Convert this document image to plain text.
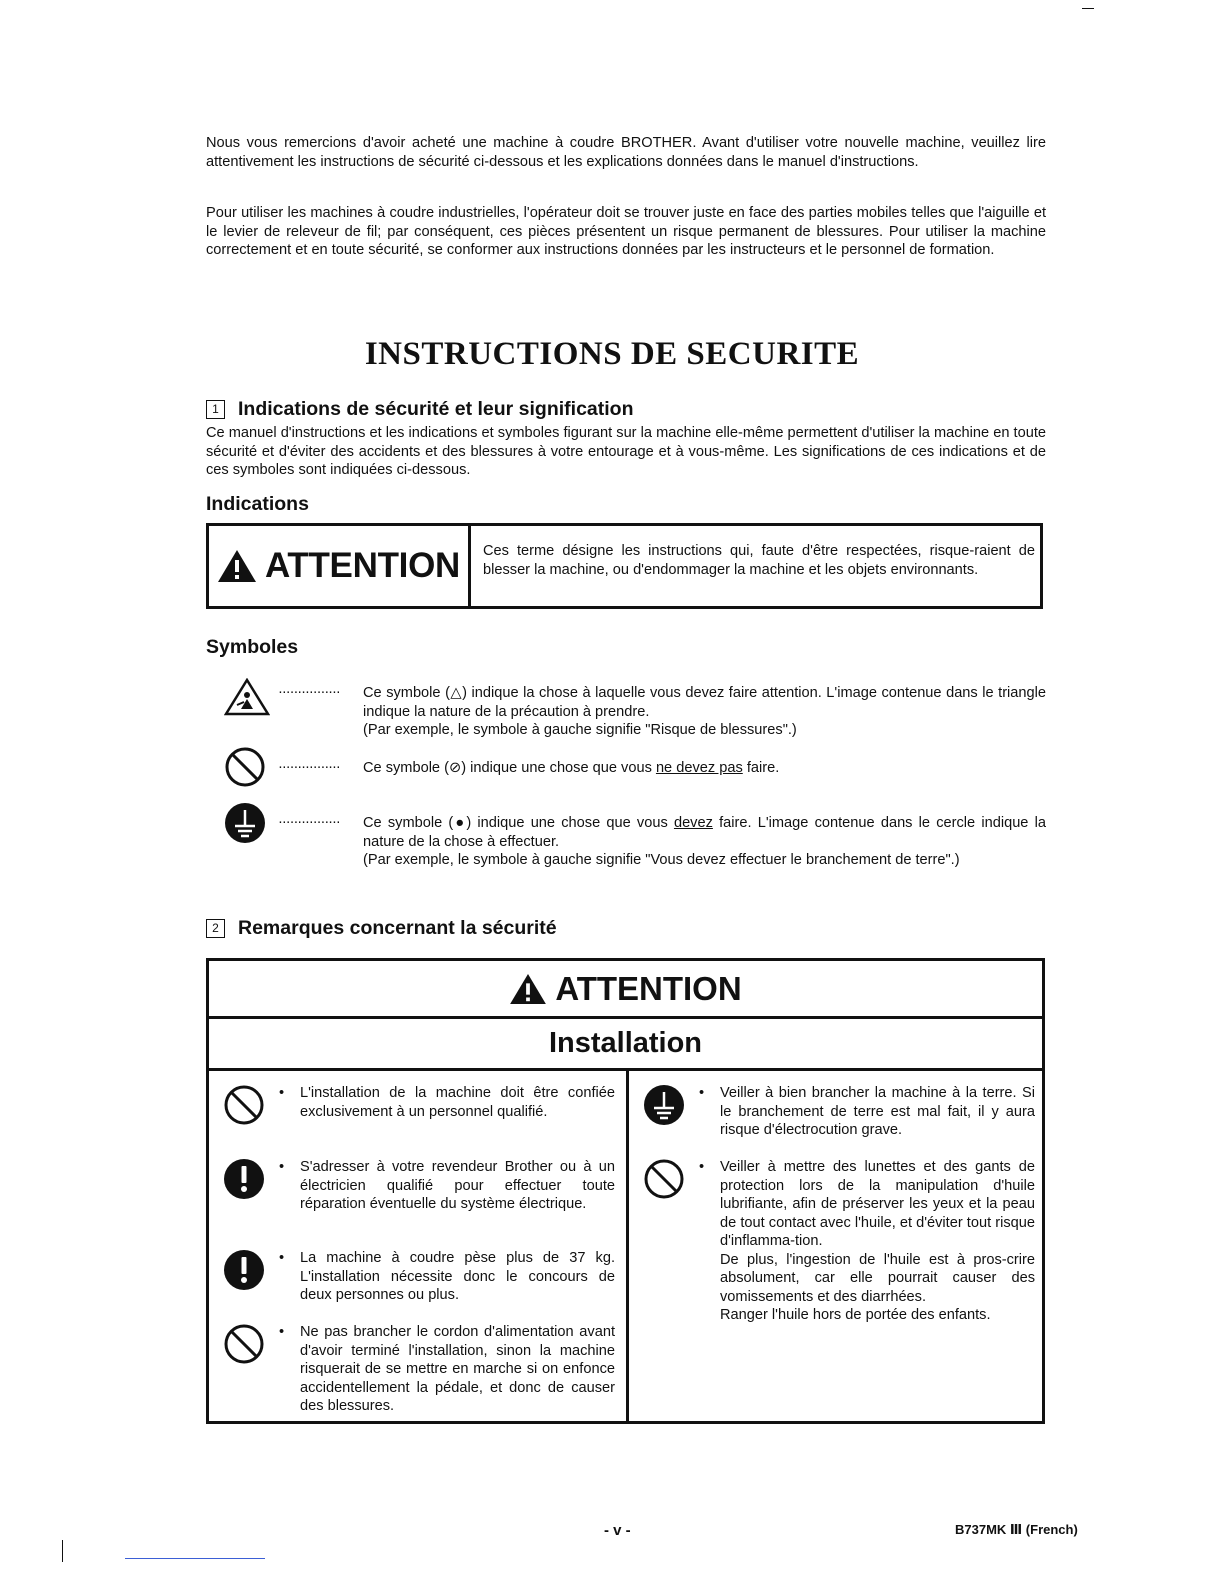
Nous vous remercions d'avoir acheté une machine à coudre BROTHER. Avant d'utiliser votre nouvelle machine, veuillez lire attentivement les instructions de sécurité ci-dessous et les explications données dans le manuel d'instructions.

Pour utiliser les machines à coudre industrielles, l'opérateur doit se trouver juste en face des parties mobiles telles que l'aiguille et le levier de releveur de fil; par conséquent, ces pièces présentent un risque permanent de blessures. Pour utiliser la machine correctement et en toute sécurité, se conformer aux instructions données par les instructeurs et le personnel de formation.

INSTRUCTIONS DE SECURITE
1 Indications de sécurité et leur signification

Ce manuel d'instructions et les indications et symboles figurant sur la machine elle-même permettent d'utiliser la machine en toute sécurité et d'éviter des accidents et des blessures à votre entourage et à vous-même. Les significations de ces indications et de ces symboles sont indiquées ci-dessous.

Indications
ATTENTION Ces terme désigne les instructions qui, faute d'être respectées, risque-raient de blesser la machine, ou d'endommager la machine et les objets environnants.
Symboles
················ Ce symbole (△) indique la chose à laquelle vous devez faire attention. L'image contenue dans le triangle indique la nature de la précaution à prendre.
(Par exemple, le symbole à gauche signifie "Risque de blessures".)
················ Ce symbole (⊘) indique une chose que vous ne devez pas faire.
················ Ce symbole (●) indique une chose que vous devez faire. L'image contenue dans le cercle indique la nature de la chose à effectuer.
(Par exemple, le symbole à gauche signifie "Vous devez effectuer le branchement de terre".)
2 Remarques concernant la sécurité
ATTENTION
Installation
• L'installation de la machine doit être confiée exclusivement à un personnel qualifié.
• S'adresser à votre revendeur Brother ou à un électricien qualifié pour effectuer toute réparation éventuelle du système électrique.
• La machine à coudre pèse plus de 37 kg. L'installation nécessite donc le concours de deux personnes ou plus.
• Ne pas brancher le cordon d'alimentation avant d'avoir terminé l'installation, sinon la machine risquerait de se mettre en marche si on enfonce accidentellement la pédale, et donc de causer des blessures.
• Veiller à bien brancher la machine à la terre. Si le branchement de terre est mal fait, il y aura risque d'électrocution grave.
• Veiller à mettre des lunettes et des gants de protection lors de la manipulation d'huile lubrifiante, afin de préserver les yeux et la peau de tout contact avec l'huile, et d'éviter tout risque d'inflamma-tion.
De plus, l'ingestion de l'huile est à pros-crire absolument, car elle pourrait causer des vomissements et des diarrhées.
Ranger l'huile hors de portée des enfants.
- v -	B737MK Ⅲ (French)
